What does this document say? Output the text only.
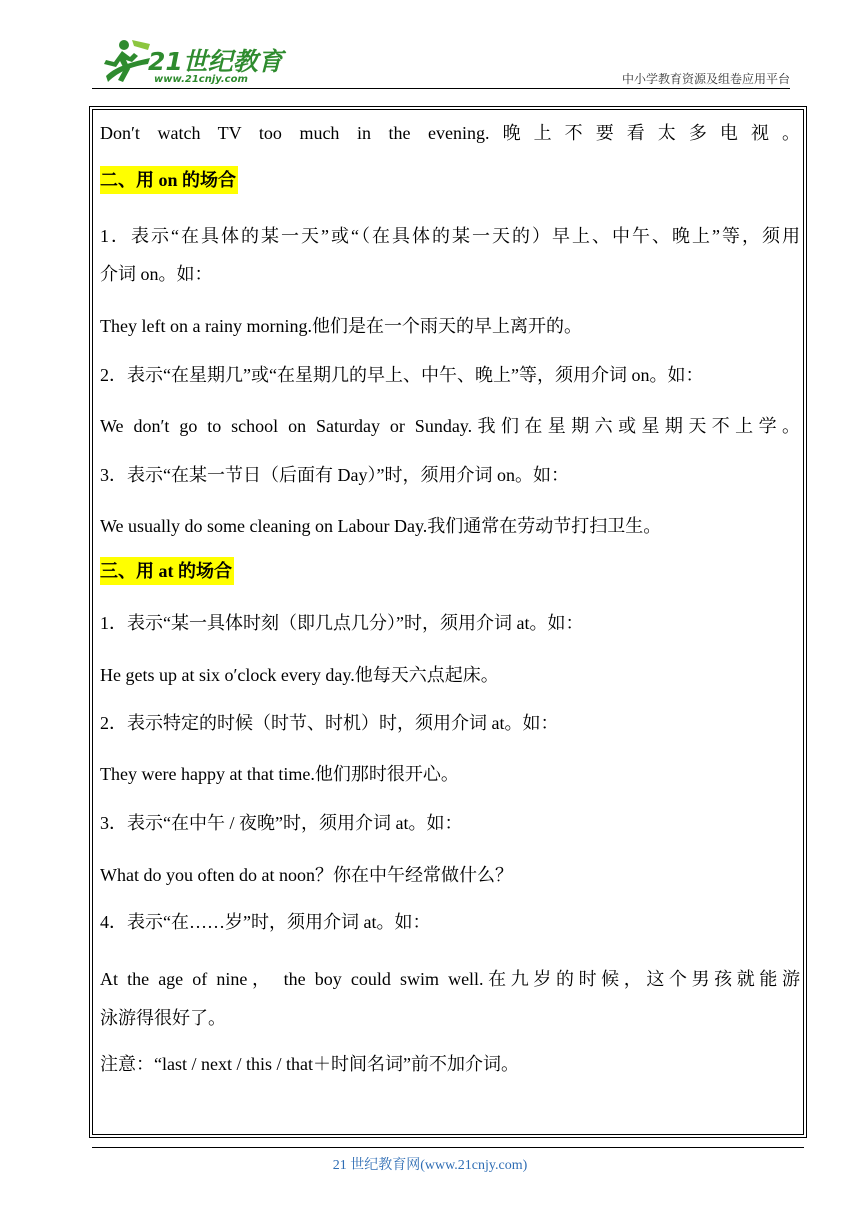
21世纪教育
www.21cnjy.com	中小学教育资源及组卷应用平台
Don′t watch TV too much in the evening.晚上不要看太多电视。
二、用 on 的场合
1．表示“在具体的某一天”或“（在具体的某一天的）早上、中午、晚上”等，须用
介词 on。如：
They left on a rainy morning.他们是在一个雨天的早上离开的。
2．表示“在星期几”或“在星期几的早上、中午、晚上”等，须用介词 on。如：
We don′t go to school on Saturday or Sunday.我们在星期六或星期天不上学。
3．表示“在某一节日（后面有 Day）”时，须用介词 on。如：
We usually do some cleaning on Labour Day.我们通常在劳动节打扫卫生。
三、用 at 的场合
1．表示“某一具体时刻（即几点几分）”时，须用介词 at。如：
He gets up at six o′clock every day.他每天六点起床。
2．表示特定的时候（时节、时机）时，须用介词 at。如：
They were happy at that time.他们那时很开心。
3．表示“在中午 / 夜晚”时，须用介词 at。如：
What do you often do at noon？你在中午经常做什么？
4．表示“在……岁”时，须用介词 at。如：
At the age of nine， the boy could swim well.在九岁的时候，这个男孩就能游
泳游得很好了。
注意：“last / next / this / that＋时间名词”前不加介词。
21 世纪教育网(www.21cnjy.com)
